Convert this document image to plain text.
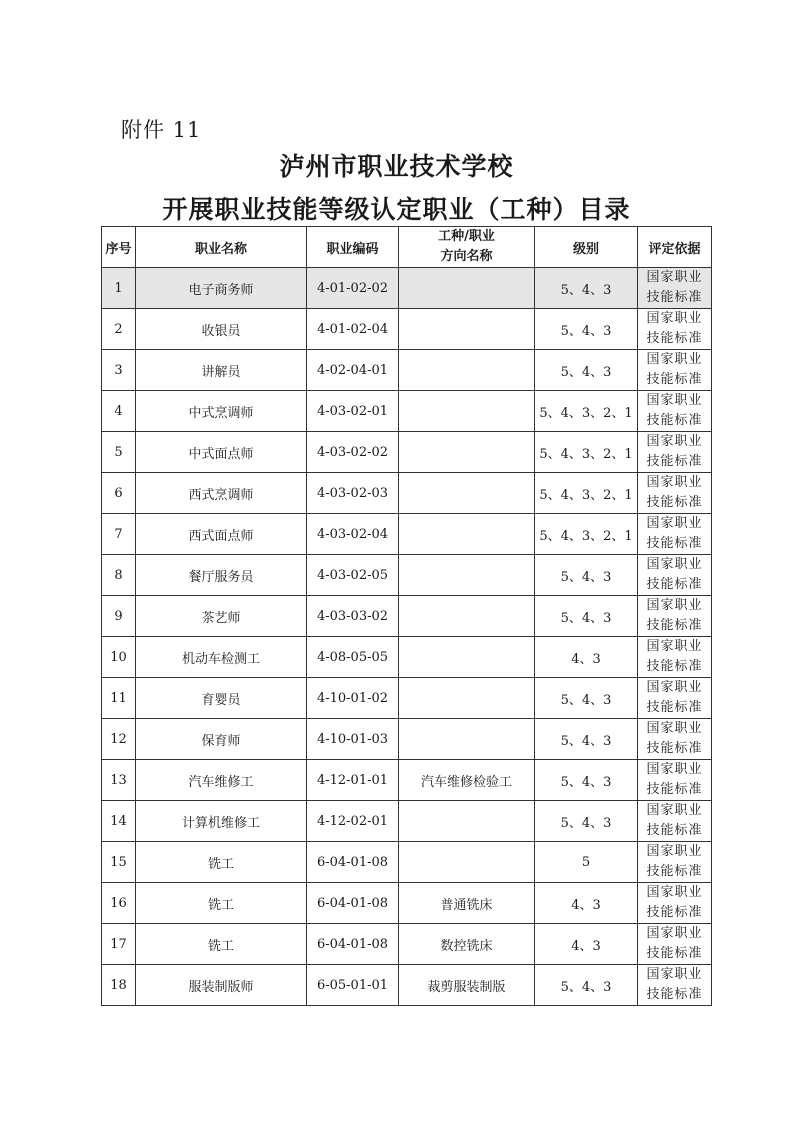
附件 11
泸州市职业技术学校
开展职业技能等级认定职业（工种）目录
序号	职业名称	职业编码	工种/职业
方向名称	级别	评定依据
1	电子商务师	4-01-02-02		5、4、3	国家职业
技能标准

2	收银员	4-01-02-04		5、4、3	国家职业
技能标准

3	讲解员	4-02-04-01		5、4、3	国家职业
技能标准

4	中式烹调师	4-03-02-01		5、4、3、2、1	国家职业
技能标准

5	中式面点师	4-03-02-02		5、4、3、2、1	国家职业
技能标准

6	西式烹调师	4-03-02-03		5、4、3、2、1	国家职业
技能标准

7	西式面点师	4-03-02-04		5、4、3、2、1	国家职业
技能标准

8	餐厅服务员	4-03-02-05		5、4、3	国家职业
技能标准

9	茶艺师	4-03-03-02		5、4、3	国家职业
技能标准

10	机动车检测工	4-08-05-05		4、3	国家职业
技能标准

11	育婴员	4-10-01-02		5、4、3	国家职业
技能标准

12	保育师	4-10-01-03		5、4、3	国家职业
技能标准

13	汽车维修工	4-12-01-01	汽车维修检验工	5、4、3	国家职业
技能标准

14	计算机维修工	4-12-02-01		5、4、3	国家职业
技能标准

15	铣工	6-04-01-08		5	国家职业
技能标准

16	铣工	6-04-01-08	普通铣床	4、3	国家职业
技能标准

17	铣工	6-04-01-08	数控铣床	4、3	国家职业
技能标准

18	服装制版师	6-05-01-01	裁剪服装制版	5、4、3	国家职业
技能标准
